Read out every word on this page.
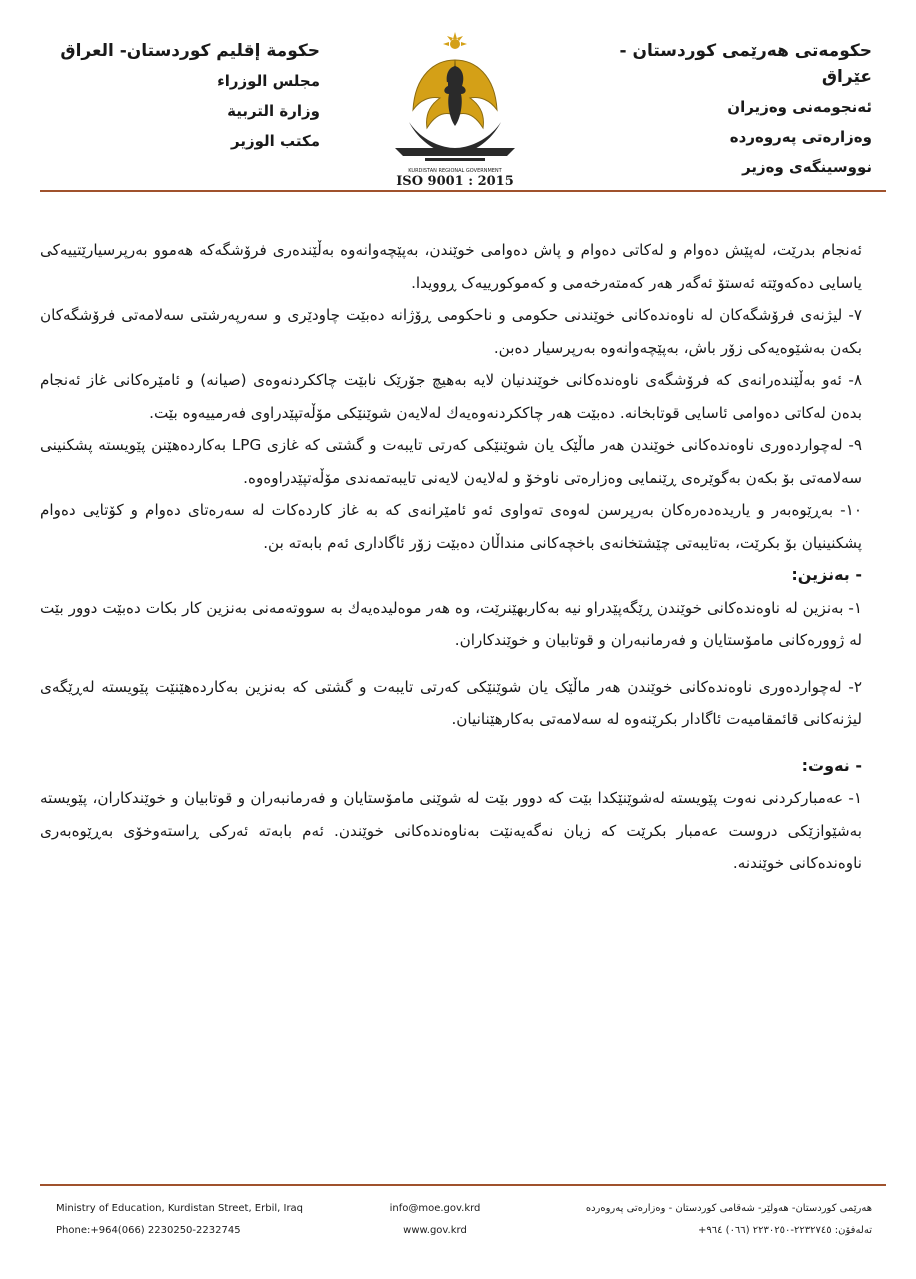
حكومەتی هەرێمی كوردستان - عێراق
ئەنجومەنی وەزیران
وەزارەتی پەروەردە
نووسینگەی وەزیر
حكومة إقليم كوردستان- العراق
مجلس الوزراء
وزارة التربية
مكتب الوزير
KURDISTAN REGIONAL GOVERNMENT
ISO 9001 : 2015

ئەنجام بدرێت، لەپێش دەوام و لەكاتی دەوام و پاش دەوامی خوێندن، بەپێچەوانەوە بەڵێندەری فرۆشگەكە هەموو بەرپرسیارێتییەكی یاسایی دەكەوێتە ئەستۆ ئەگەر هەر كەمتەرخەمی و كەموكورییەک ڕوویدا.

٧- لیژنەی فرۆشگەكان لە ناوەندەكانی خوێندنی حكومی و ناحكومی ڕۆژانە دەبێت چاودێری و سەرپەرشتی سەلامەتی فرۆشگەكان بكەن بەشێوەیەكی زۆر باش، بەپێچەوانەوە بەرپرسیار دەبن.

٨- ئەو بەڵێندەرانەی كە فرۆشگەی ناوەندەكانی خوێندنیان لایە بەهیچ جۆرێک نابێت چاككردنەوەی (صیانە) و ئامێرەكانی غاز ئەنجام بدەن لەكاتی دەوامی ئاسایی قوتابخانە. دەبێت هەر چاككردنەوەیەك لەلایەن شوێنێكی مۆڵەتپێدراوی فەرمییەوە بێت.

٩- لەچواردەوری ناوەندەكانی خوێندن هەر ماڵێک یان شوێنێكی كەرتی تایبەت و گشتی كە غازی LPG بەكاردەهێنن پێویستە پشكنینی سەلامەتی بۆ بكەن بەگوێرەی ڕێنمایی وەزارەتی ناوخۆ و لەلایەن لایەنی تایبەتمەندی مۆڵەتپێدراوەوە.

١٠- بەڕێوەبەر و یاریدەدەرەكان بەرپرسن لەوەی تەواوی ئەو ئامێرانەی كە بە غاز كاردەكات لە سەرەتای دەوام و كۆتایی دەوام پشكنینیان بۆ بكرێت، بەتایبەتی چێشتخانەی باخچەكانی منداڵان دەبێت زۆر ئاگاداری ئەم بابەتە بن.

- بەنزین:

١- بەنزین لە ناوەندەكانی خوێندن ڕێگەپێدراو نیە بەكاربهێنرێت، وە هەر موەلیدەیەك بە سووتەمەنی بەنزین كار بكات دەبێت دوور بێت لە ژوورەكانی مامۆستایان و فەرمانبەران و قوتابیان و خوێندكاران.

٢- لەچواردەوری ناوەندەكانی خوێندن هەر ماڵێک یان شوێنێكی كەرتی تایبەت و گشتی كە بەنزین بەكاردەهێنێت پێویستە لەڕێگەی لیژنەكانی قائمقامیەت ئاگادار بكرێنەوە لە سەلامەتی بەكارهێنانیان.

- نەوت:

١- عەمباركردنی نەوت پێویستە لەشوێنێكدا بێت كە دوور بێت لە شوێنی مامۆستایان و فەرمانبەران و قوتابیان و خوێندكاران، پێویستە بەشێوازێكی دروست عەمبار بكرێت كە زیان نەگەیەنێت بەناوەندەكانی خوێندن. ئەم بابەتە ئەركی ڕاستەوخۆی بەڕێوەبەری ناوەندەكانی خوێندنە.

Ministry of Education, Kurdistan Street, Erbil, Iraq
Phone:+964(066) 2230250-2232745
info@moe.gov.krd
www.gov.krd
هەرێمی كوردستان- هەولێر- شەقامی كوردستان - وەزارەتی پەروەردە
تەلەفۆن: ٢٢٣٢٧٤٥-٢٢٣٠٢٥٠ (٠٦٦) ٩٦٤+
